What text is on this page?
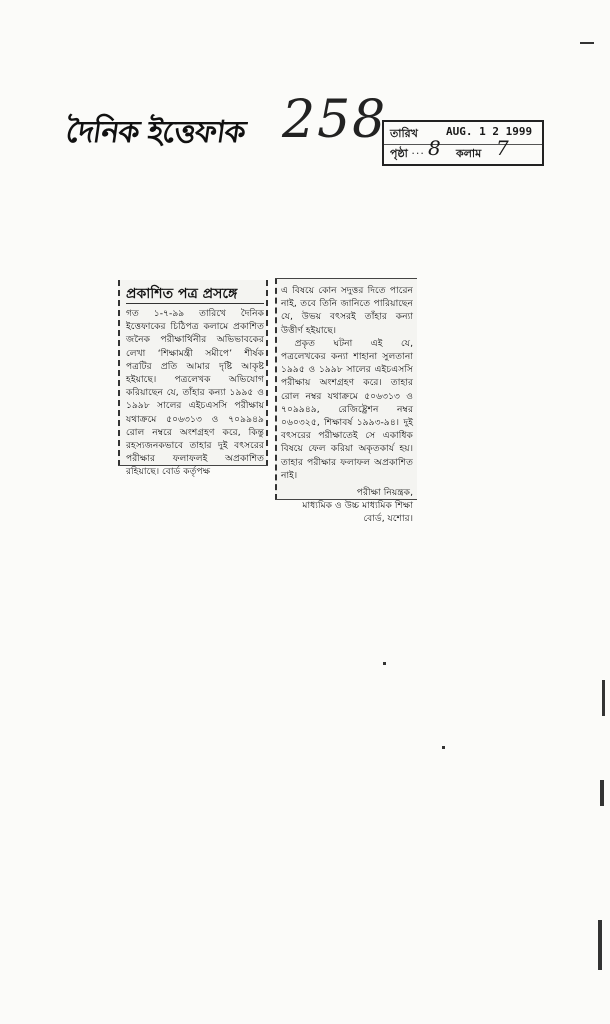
দৈনিক ইত্তেফাক 258 তারিখ	AUG. 1 2 1999
পৃষ্ঠা ··· 8 কলাম 7
প্রকাশিত পত্র প্রসঙ্গে

গত ১-৭-৯৯ তারিখে দৈনিক ইত্তেফাকের চিঠিপত্র কলামে প্রকাশিত জনৈক পরীক্ষার্থিনীর অভিভাবকের লেখা ‘শিক্ষামন্ত্রী সমীপে’ শীর্ষক পত্রটির প্রতি আমার দৃষ্টি আকৃষ্ট হইয়াছে। পত্রলেখক অভিযোগ করিয়াছেন যে, তাঁহার কন্যা ১৯৯৫ ও ১৯৯৮ সালের এইচএসসি পরীক্ষায় যথাক্রমে ৫০৬৩১৩ ও ৭০৯৯৪৯ রোল নম্বরে অংশগ্রহণ করে, কিন্তু রহস্যজনকভাবে তাহার দুই বৎসরের পরীক্ষার ফলাফলই অপ্রকাশিত রহিয়াছে। বোর্ড কর্তৃপক্ষ

এ বিষয়ে কোন সদুত্তর দিতে পারেন নাই, তবে তিনি জানিতে পারিয়াছেন যে, উভয় বৎসরই তাঁহার কন্যা উত্তীর্ণ হইয়াছে।

প্রকৃত ঘটনা এই যে, পত্রলেখকের কন্যা শাহানা সুলতানা ১৯৯৫ ও ১৯৯৮ সালের এইচএসসি পরীক্ষায় অংশগ্রহণ করে। তাহার রোল নম্বর যথাক্রমে ৫০৬৩১৩ ও ৭০৯৯৪৯, রেজিষ্ট্রেশন নম্বর ০৬০৩২৫, শিক্ষাবর্ষ ১৯৯৩-৯৪। দুই বৎসরের পরীক্ষাতেই সে একাধিক বিষয়ে ফেল করিয়া অকৃতকার্য হয়। তাহার পরীক্ষার ফলাফল অপ্রকাশিত নাই।

পরীক্ষা নিয়ন্ত্রক,
মাধ্যমিক ও উচ্চ মাধ্যমিক শিক্ষা
বোর্ড, যশোর।
